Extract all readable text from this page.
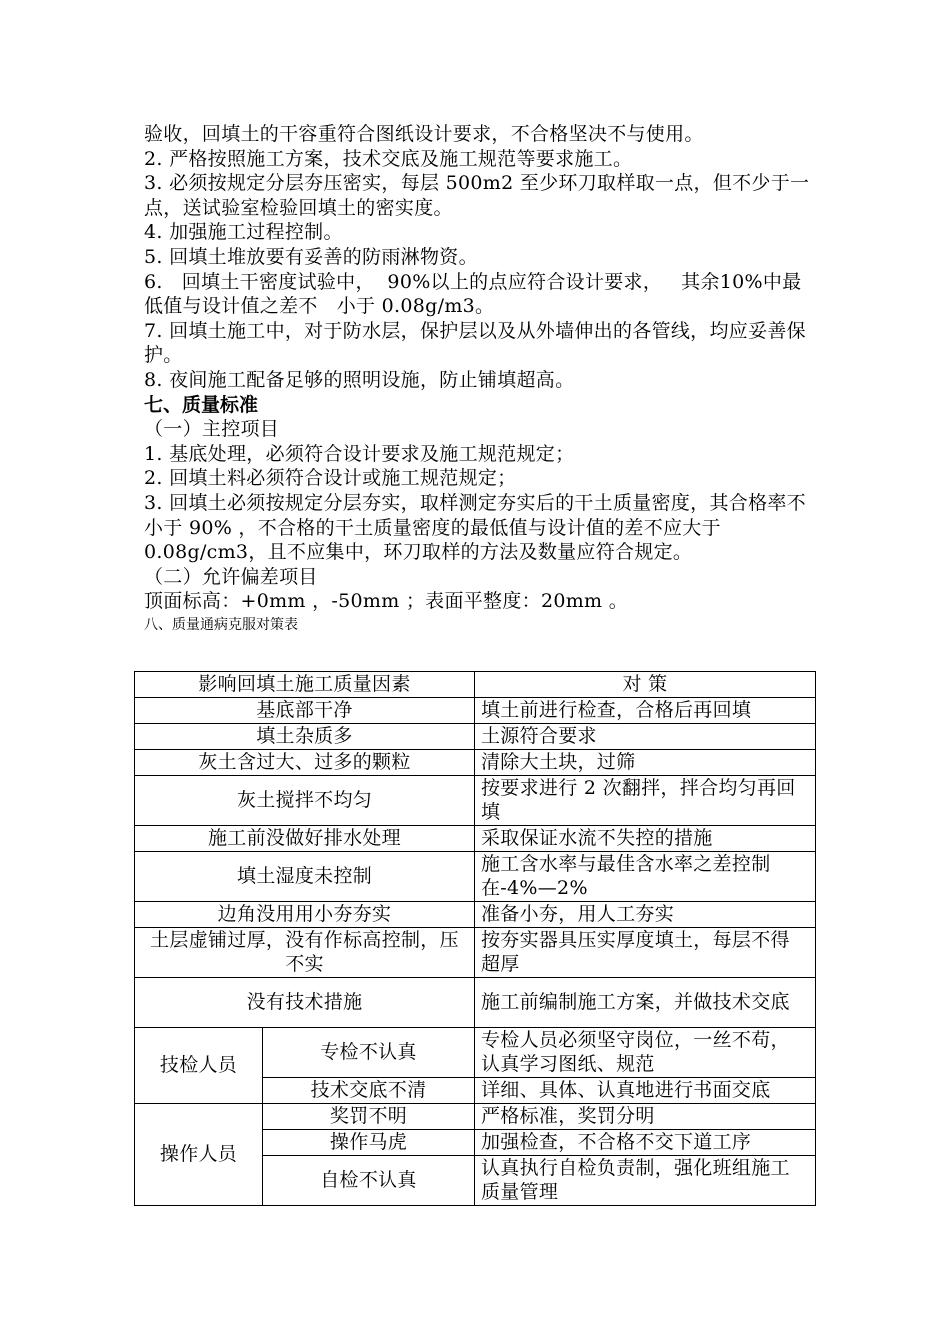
验收，回填土的干容重符合图纸设计要求，不合格坚决不与使用。

2. 严格按照施工方案，技术交底及施工规范等要求施工。

3. 必须按规定分层夯压密实，每层 500m2 至少环刀取样取一点，但不少于一点，送试验室检验回填土的密实度。

4. 加强施工过程控制。

5. 回填土堆放要有妥善的防雨淋物资。

6.   回填土干密度试验中，  90%以上的点应符合设计要求，   其余10%中最低值与设计值之差不   小于 0.08g/m3。

7. 回填土施工中，对于防水层，保护层以及从外墙伸出的各管线，均应妥善保护。

8. 夜间施工配备足够的照明设施，防止铺填超高。

七、质量标准

（一）主控项目

1. 基底处理，必须符合设计要求及施工规范规定；

2. 回填土料必须符合设计或施工规范规定；

3. 回填土必须按规定分层夯实，取样测定夯实后的干土质量密度，其合格率不小于 90% ，不合格的干土质量密度的最低值与设计值的差不应大于 0.08g/cm3，且不应集中，环刀取样的方法及数量应符合规定。

（二）允许偏差项目

顶面标高：+0mm ，-50mm ；表面平整度：20mm 。

八、质量通病克服对策表

影响回填土施工质量因素		对 策
基底部干净		填土前进行检查，合格后再回填
填土杂质多		土源符合要求
灰土含过大、过多的颗粒		清除大土块，过筛
灰土搅拌不均匀		按要求进行 2 次翻拌，拌合均匀再回填
施工前没做好排水处理		采取保证水流不失控的措施
填土湿度未控制		施工含水率与最佳含水率之差控制在-4%—2%
边角没用用小夯夯实		准备小夯，用人工夯实
土层虚铺过厚，没有作标高控制，压不实		按夯实器具压实厚度填土，每层不得超厚
没有技术措施		施工前编制施工方案，并做技术交底
技检人员	专检不认真	专检人员必须坚守岗位，一丝不苟，认真学习图纸、规范
	技术交底不清	详细、具体、认真地进行书面交底
操作人员	奖罚不明	严格标准，奖罚分明
	操作马虎	加强检查，不合格不交下道工序
	自检不认真	认真执行自检负责制，强化班组施工质量管理
